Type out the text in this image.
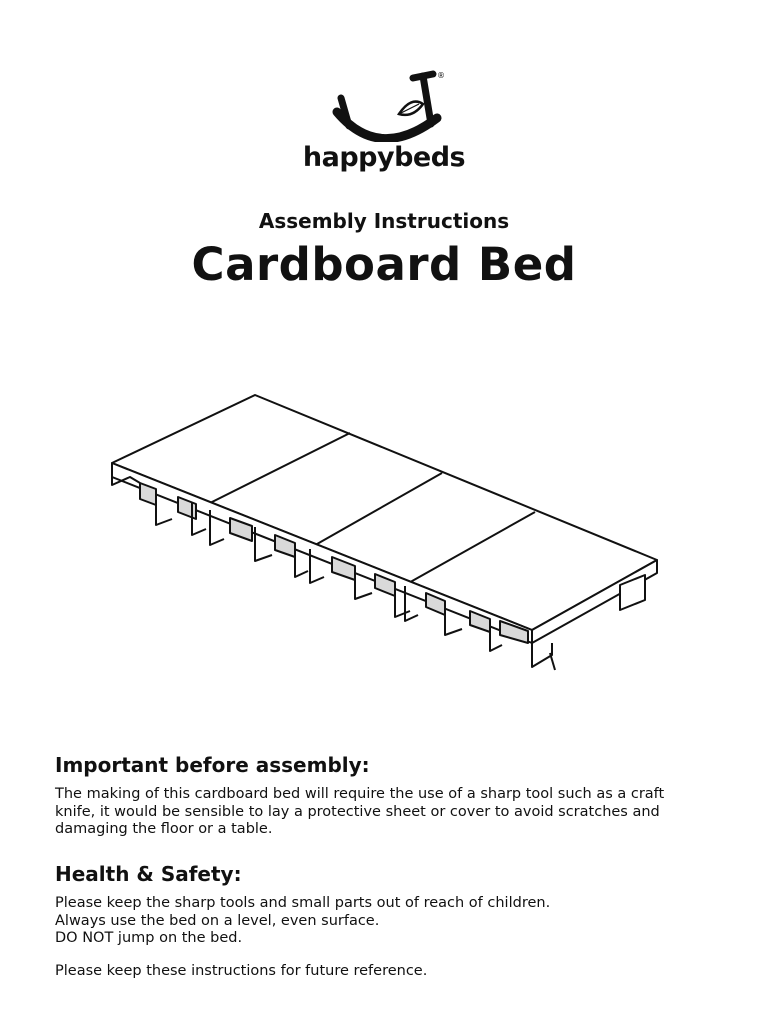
®
happybeds
Assembly Instructions
Cardboard Bed
Important before assembly:

The making of this cardboard bed will require the use of a sharp tool such as a craft
knife, it would be sensible to lay a protective sheet or cover to avoid scratches and
damaging the floor or a table.

Health & Safety:

Please keep the sharp tools and small parts out of reach of children.
Always use the bed on a level, even surface.
DO NOT jump on the bed.

Please keep these instructions for future reference.
